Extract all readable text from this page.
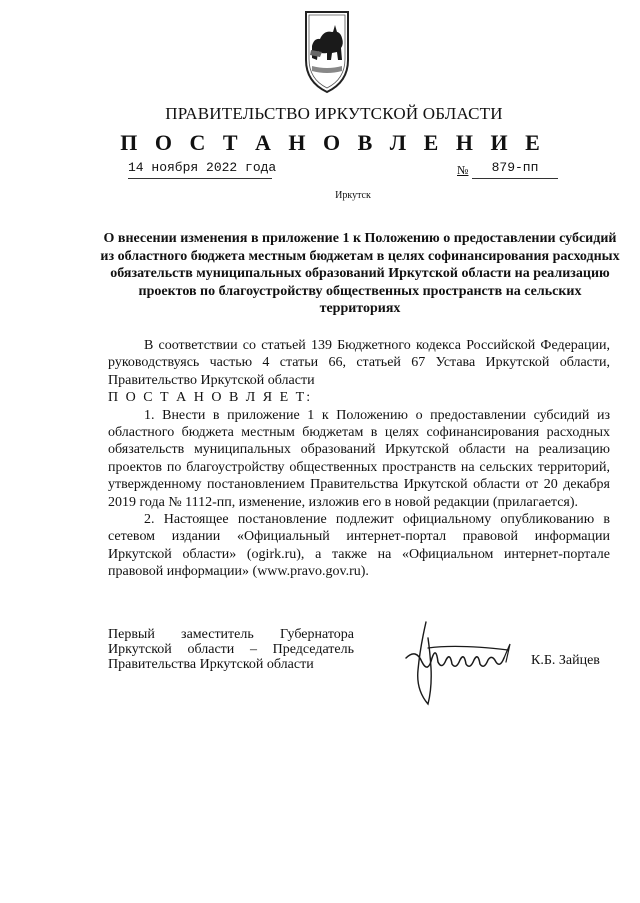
ПРАВИТЕЛЬСТВО ИРКУТСКОЙ ОБЛАСТИ
П О С Т А Н О В Л Е Н И Е
14 ноября 2022 года	№	879-пп
Иркутск
О внесении изменения в приложение 1 к Положению о предоставлении субсидий из областного бюджета местным бюджетам в целях софинансирования расходных обязательств муниципальных образований Иркутской области на реализацию проектов по благоустройству общественных пространств на сельских территориях

В соответствии со статьей 139 Бюджетного кодекса Российской Федерации, руководствуясь частью 4 статьи 66, статьей 67 Устава Иркутской области, Правительство Иркутской области

П О С Т А Н О В Л Я Е Т:

1. Внести в приложение 1 к Положению о предоставлении субсидий из областного бюджета местным бюджетам в целях софинансирования расходных обязательств муниципальных образований Иркутской области на реализацию проектов по благоустройству общественных пространств на сельских территорий, утвержденному постановлением Правительства Иркутской области от 20 декабря 2019 года № 1112-пп, изменение, изложив его в новой редакции (прилагается).

2. Настоящее постановление подлежит официальному опубликованию в сетевом издании «Официальный интернет-портал правовой информации Иркутской области» (ogirk.ru), а также на «Официальном интернет-портале правовой информации» (www.pravo.gov.ru).

Первый заместитель Губернатора
Иркутской области – Председатель
Правительства Иркутской области	К.Б. Зайцев
